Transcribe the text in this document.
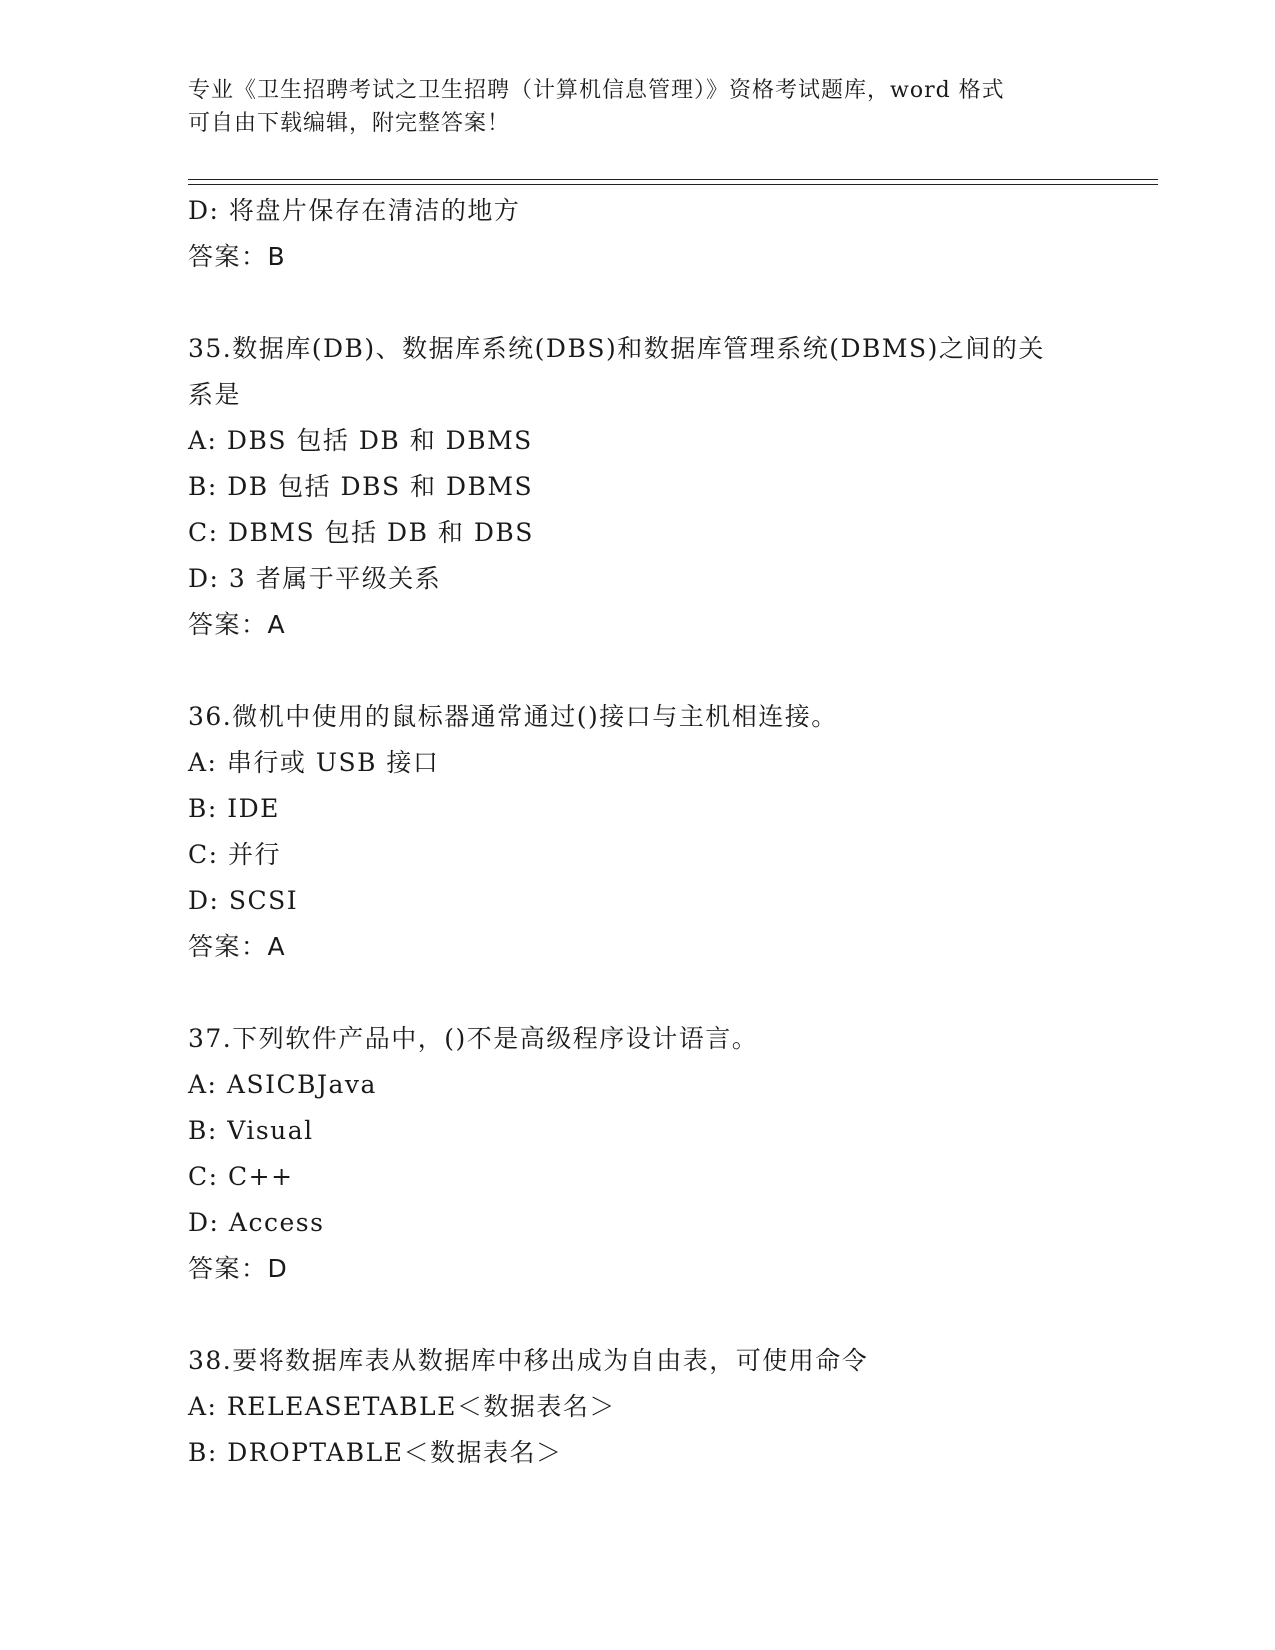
专业《卫生招聘考试之卫生招聘（计算机信息管理）》资格考试题库，word 格式
可自由下载编辑，附完整答案！
D: 将盘片保存在清洁的地方
答案：B
35.数据库(DB)、数据库系统(DBS)和数据库管理系统(DBMS)之间的关
系是
A: DBS 包括 DB 和 DBMS
B: DB 包括 DBS 和 DBMS
C: DBMS 包括 DB 和 DBS
D: 3 者属于平级关系
答案：A
36.微机中使用的鼠标器通常通过()接口与主机相连接。
A: 串行或 USB 接口
B: IDE
C: 并行
D: SCSI
答案：A
37.下列软件产品中，()不是高级程序设计语言。
A: ASICBJava
B: Visual
C: C++
D: Access
答案：D
38.要将数据库表从数据库中移出成为自由表，可使用命令
A: RELEASETABLE＜数据表名＞
B: DROPTABLE＜数据表名＞
